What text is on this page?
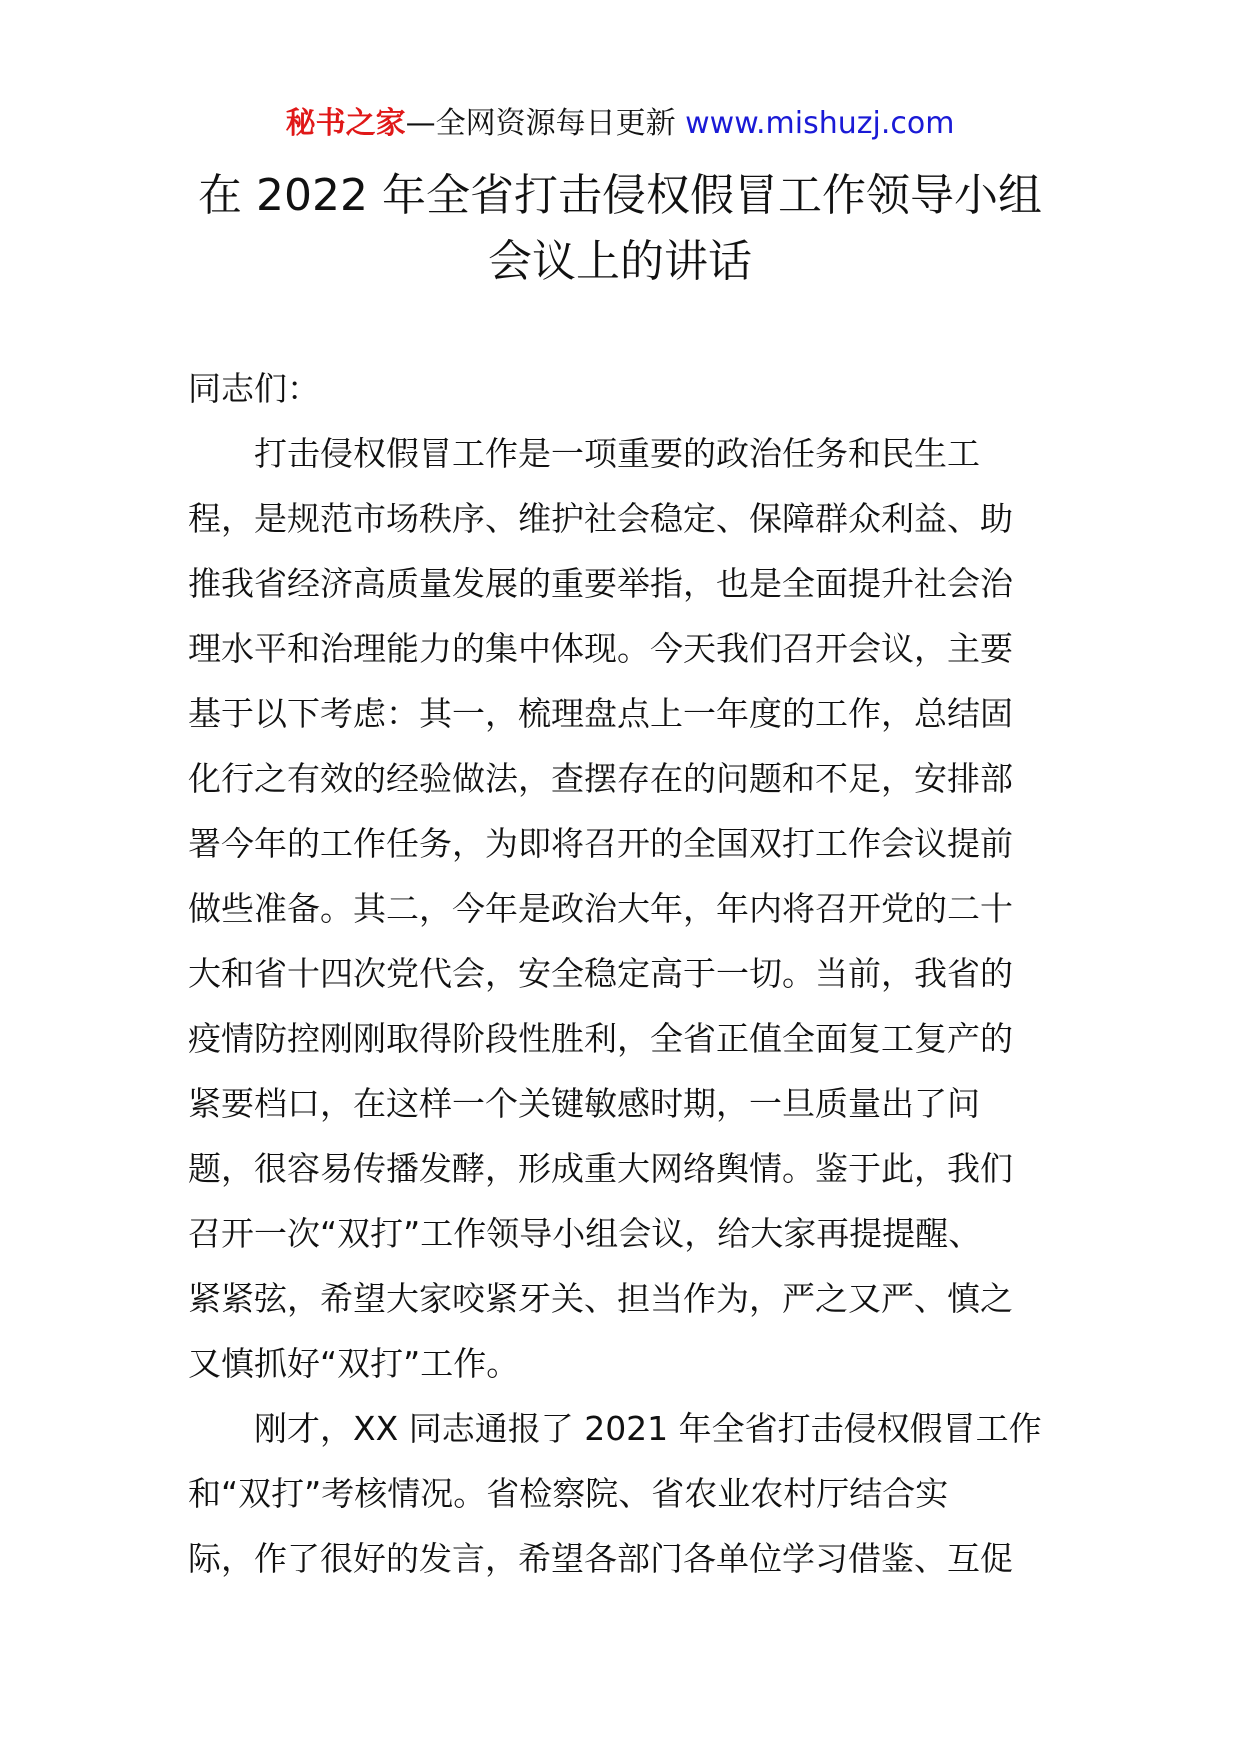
秘书之家—全网资源每日更新 www.mishuzj.com
在 2022 年全省打击侵权假冒工作领导小组
会议上的讲话

同志们：

打击侵权假冒工作是一项重要的政治任务和民生工
程，是规范市场秩序、维护社会稳定、保障群众利益、助
推我省经济高质量发展的重要举指，也是全面提升社会治
理水平和治理能力的集中体现。今天我们召开会议，主要
基于以下考虑：其一，梳理盘点上一年度的工作，总结固
化行之有效的经验做法，查摆存在的问题和不足，安排部
署今年的工作任务，为即将召开的全国双打工作会议提前
做些准备。其二，今年是政治大年，年内将召开党的二十
大和省十四次党代会，安全稳定高于一切。当前，我省的
疫情防控刚刚取得阶段性胜利，全省正值全面复工复产的
紧要档口，在这样一个关键敏感时期，一旦质量出了问
题，很容易传播发酵，形成重大网络舆情。鉴于此，我们
召开一次“双打”工作领导小组会议，给大家再提提醒、
紧紧弦，希望大家咬紧牙关、担当作为，严之又严、慎之
又慎抓好“双打”工作。

刚才，XX 同志通报了 2021 年全省打击侵权假冒工作
和“双打”考核情况。省检察院、省农业农村厅结合实
际，作了很好的发言，希望各部门各单位学习借鉴、互促
